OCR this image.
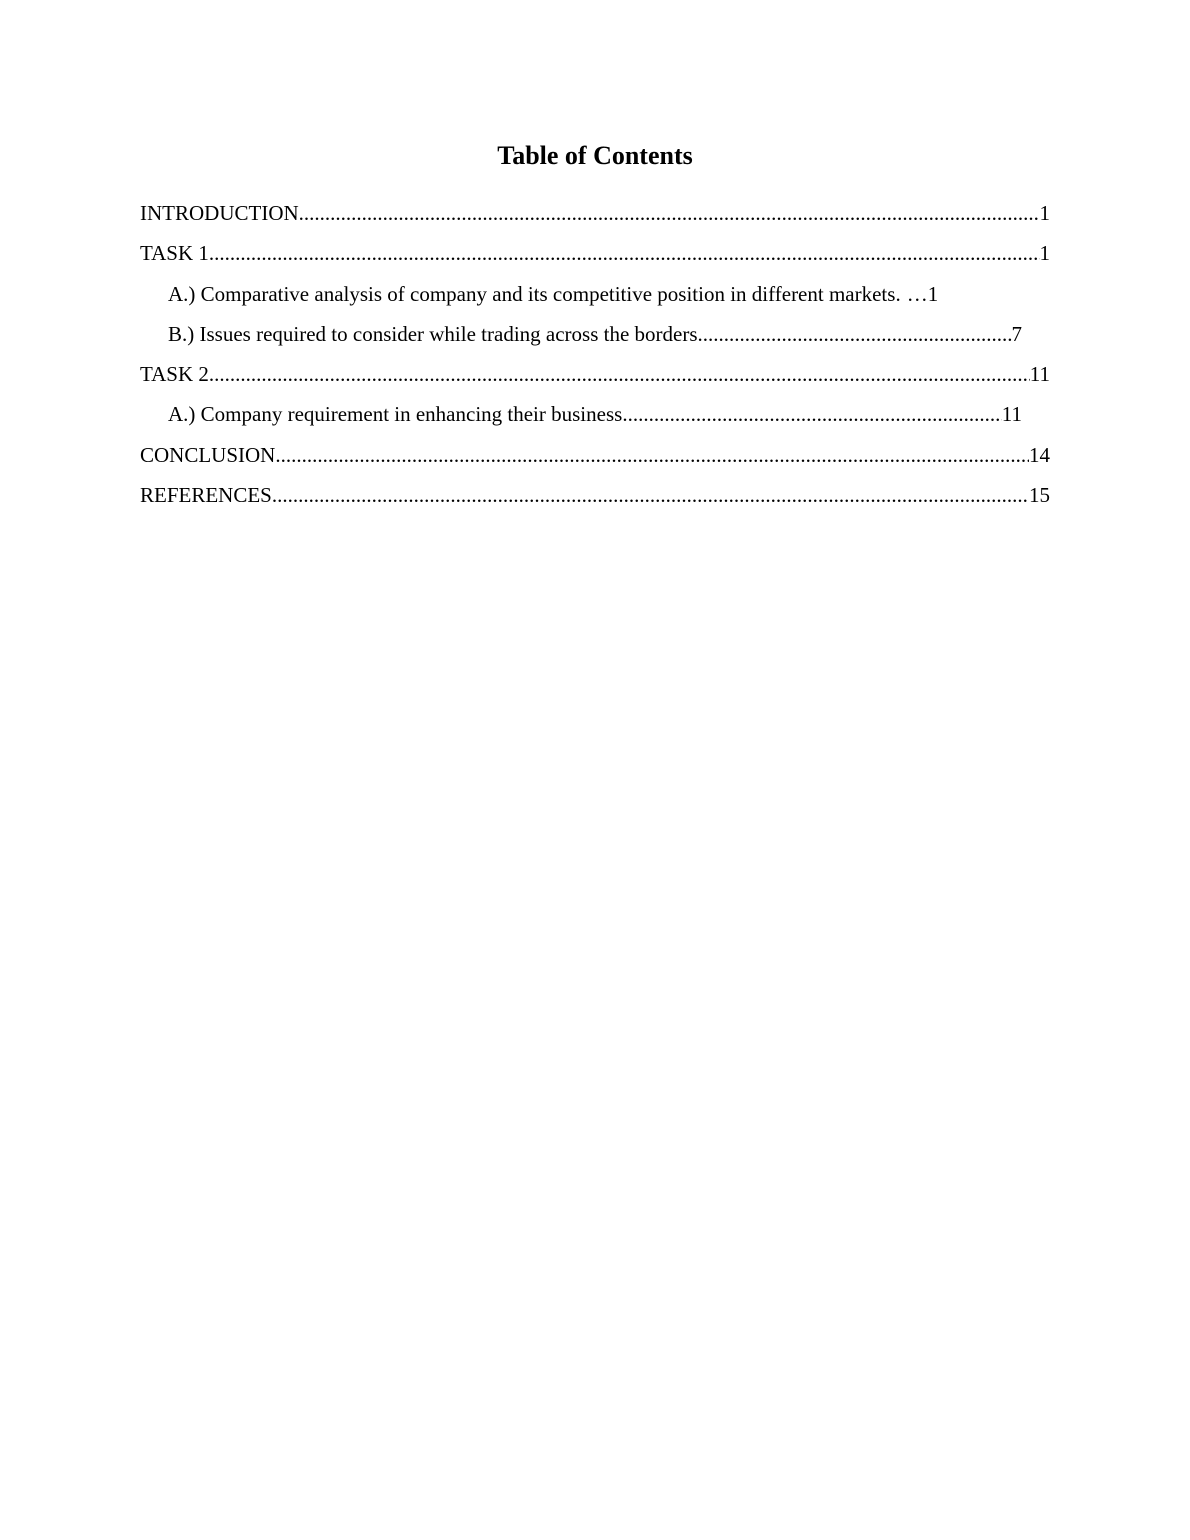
Table of Contents
INTRODUCTION .....	1
TASK 1 .....	1
A.) Comparative analysis of company and its competitive position in different markets. … 1
B.) Issues required to consider while trading across the borders .....	7
TASK 2 .....	11
A.) Company requirement in enhancing their business .....	11
CONCLUSION .....	14
REFERENCES .....	15
